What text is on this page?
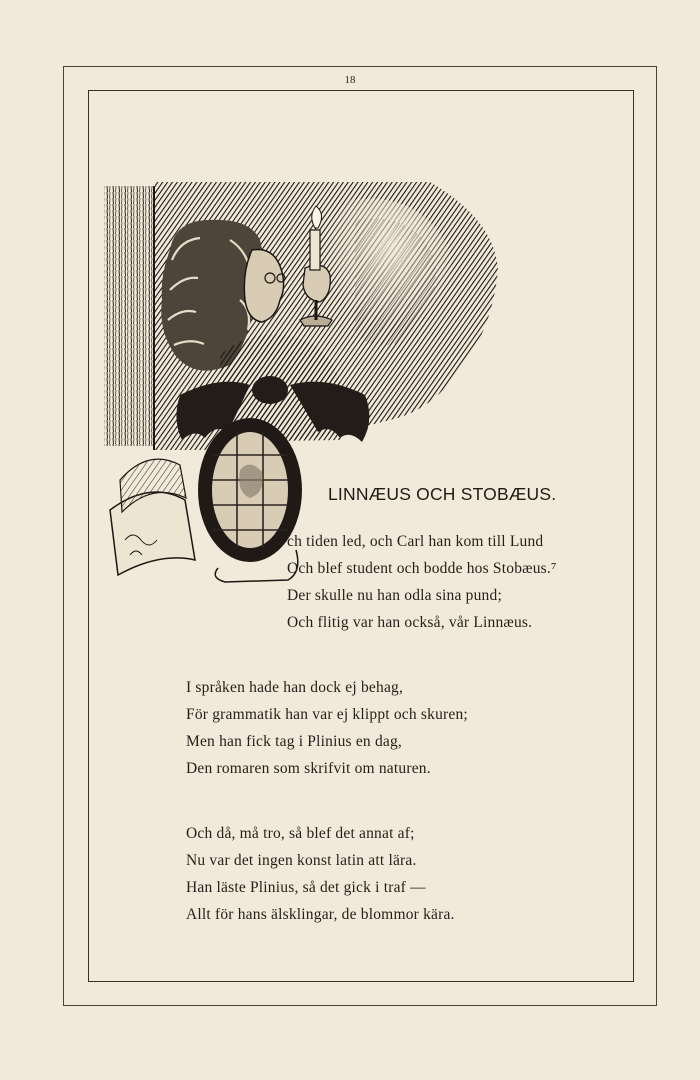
18
LINNÆUS OCH STOBÆUS.
ch tiden led, och Carl han kom till Lund
Och blef student och bodde hos Stobæus.⁷
Der skulle nu han odla sina pund;
Och flitig var han också, vår Linnæus.
I språken hade han dock ej behag,
För grammatik han var ej klippt och skuren;
Men han fick tag i Plinius en dag,
Den romaren som skrifvit om naturen.
Och då, må tro, så blef det annat af;
Nu var det ingen konst latin att lära.
Han läste Plinius, så det gick i traf —
Allt för hans älsklingar, de blommor kära.
